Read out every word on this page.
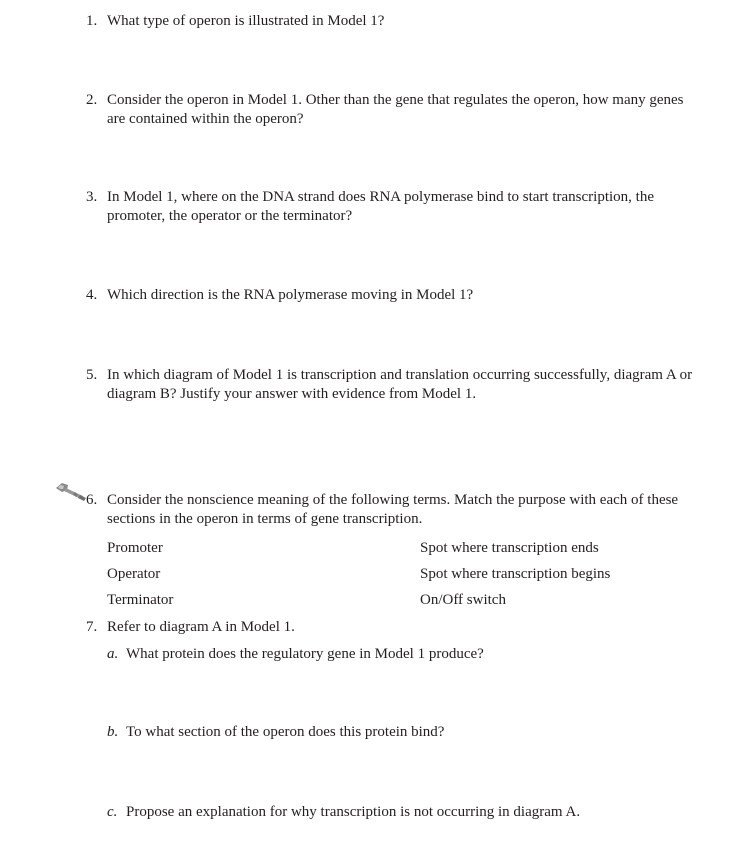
1. What type of operon is illustrated in Model 1?
2. Consider the operon in Model 1. Other than the gene that regulates the operon, how many genes are contained within the operon?
3. In Model 1, where on the DNA strand does RNA polymerase bind to start transcription, the promoter, the operator or the terminator?
4. Which direction is the RNA polymerase moving in Model 1?
5. In which diagram of Model 1 is transcription and translation occurring successfully, diagram A or diagram B? Justify your answer with evidence from Model 1.
6. Consider the nonscience meaning of the following terms. Match the purpose with each of these sections in the operon in terms of gene transcription.
Promoter	Spot where transcription ends
Operator	Spot where transcription begins
Terminator	On/Off switch
7. Refer to diagram A in Model 1.
a. What protein does the regulatory gene in Model 1 produce?
b. To what section of the operon does this protein bind?
c. Propose an explanation for why transcription is not occurring in diagram A.
